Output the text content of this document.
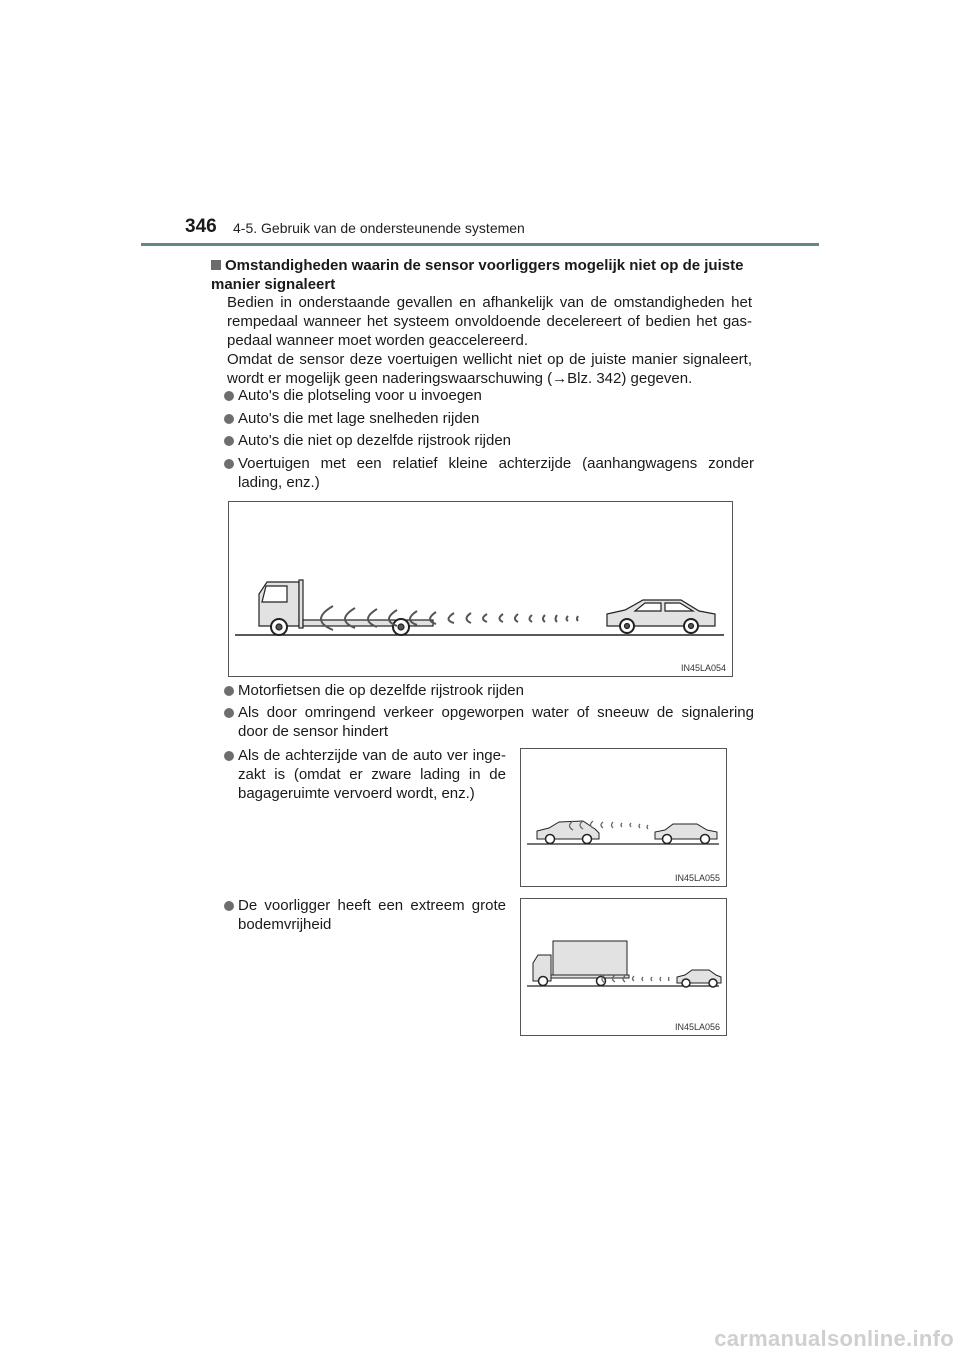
346 4-5. Gebruik van de ondersteunende systemen
Omstandigheden waarin de sensor voorliggers mogelijk niet op de juiste manier signaleert

Bedien in onderstaande gevallen en afhankelijk van de omstandigheden het rempedaal wanneer het systeem onvoldoende decelereert of bedien het gas-pedaal wanneer moet worden geaccelereerd.

Omdat de sensor deze voertuigen wellicht niet op de juiste manier signaleert, wordt er mogelijk geen naderingswaarschuwing (→Blz. 342) gegeven.

Auto's die plotseling voor u invoegen
Auto's die met lage snelheden rijden
Auto's die niet op dezelfde rijstrook rijden
Voertuigen met een relatief kleine achterzijde (aanhangwagens zonder lading, enz.)
IN45LA054
Motorfietsen die op dezelfde rijstrook rijden
Als door omringend verkeer opgeworpen water of sneeuw de signalering door de sensor hindert
Als de achterzijde van de auto ver inge-zakt is (omdat er zware lading in de bagageruimte vervoerd wordt, enz.)
IN45LA055
De voorligger heeft een extreem grote bodemvrijheid
IN45LA056
carmanualsonline.info
